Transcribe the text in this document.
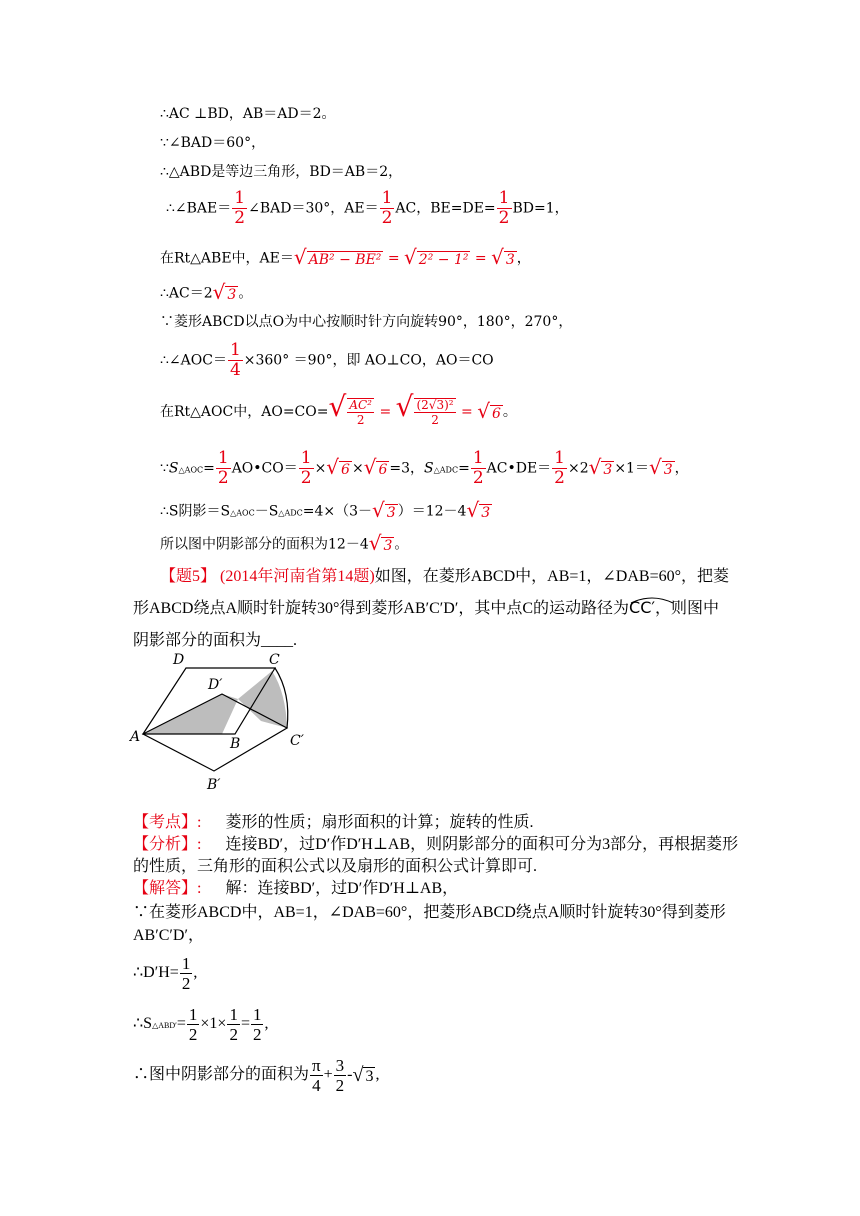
∴AC ⊥BD，AB＝AD＝2。
∵∠BAD＝60°，
∴△ABD是等边三角形，BD＝AB＝2，
∴∠BAE＝ $\frac{1}{2}$ ∠BAD＝30°，$AE= \frac{1}{2}$ AC，$BE=DE= \frac{1}{2} BD=1$，
在Rt△ABE中，AE＝√ AB² − BE² = √ 2² − 1² = √ 3 ，
∴AC＝2√ 3 。
∵菱形ABCD以点O为中心按顺时针方向旋转90°，180°，270°，
∴∠AOC＝ $\frac{1}{4} \times 360^\circ =90^\circ$，即 AO⊥CO，AO＝CO
在Rt△AOC中，$AO=CO=√ \frac{\text{AC²}}{2}$ = √ $\frac{\text{(2√3)²}}{2}$ = √ 6 。
∵S△AOC= $\frac{1}{2}$ AO•CO＝ $\frac{1}{2}$ ×√ 6 ×√ 6 =3，S△ADC= $\frac{1}{2}$ AC•DE＝ $\frac{1}{2} \times 2√$ 3 ×1＝√ 3 ，
∴S阴影＝S△AOC－S△ADC=4×（3－√ 3 ）＝12－4√ 3
所以图中阴影部分的面积为12－4√ 3 。
【题5】 (2014年河南省第14题)如图，在菱形ABCD中，AB=1，∠DAB=60°，把菱
形ABCD绕点A顺时针旋转30°得到菱形AB′C′D′，其中点C的运动路径为
CC′，则图中
阴影部分的面积为____.
A	B
C
D
B′
C′
D′
【考点】: 菱形的性质；扇形面积的计算；旋转的性质.
【分析】: 连接BD′，过D′作D′H⊥AB，则阴影部分的面积可分为3部分，再根据菱形
的性质，三角形的面积公式以及扇形的面积公式计算即可.
【解答】: 解：连接BD′，过D′作D′H⊥AB，
∵在菱形ABCD中，AB=1，∠DAB=60°，把菱形ABCD绕点A顺时针旋转30°得到菱形
AB′C′D′，
∴D′H= $\frac{1}{2}$ ,
∴S△ABD′= $\frac{1}{2} \times 1\times \frac{1}{2} = \frac{1}{2}$ ,
∴图中阴影部分的面积为 $\frac{\pi}{4} + \frac{3}{2}$ -√ 3 ,
